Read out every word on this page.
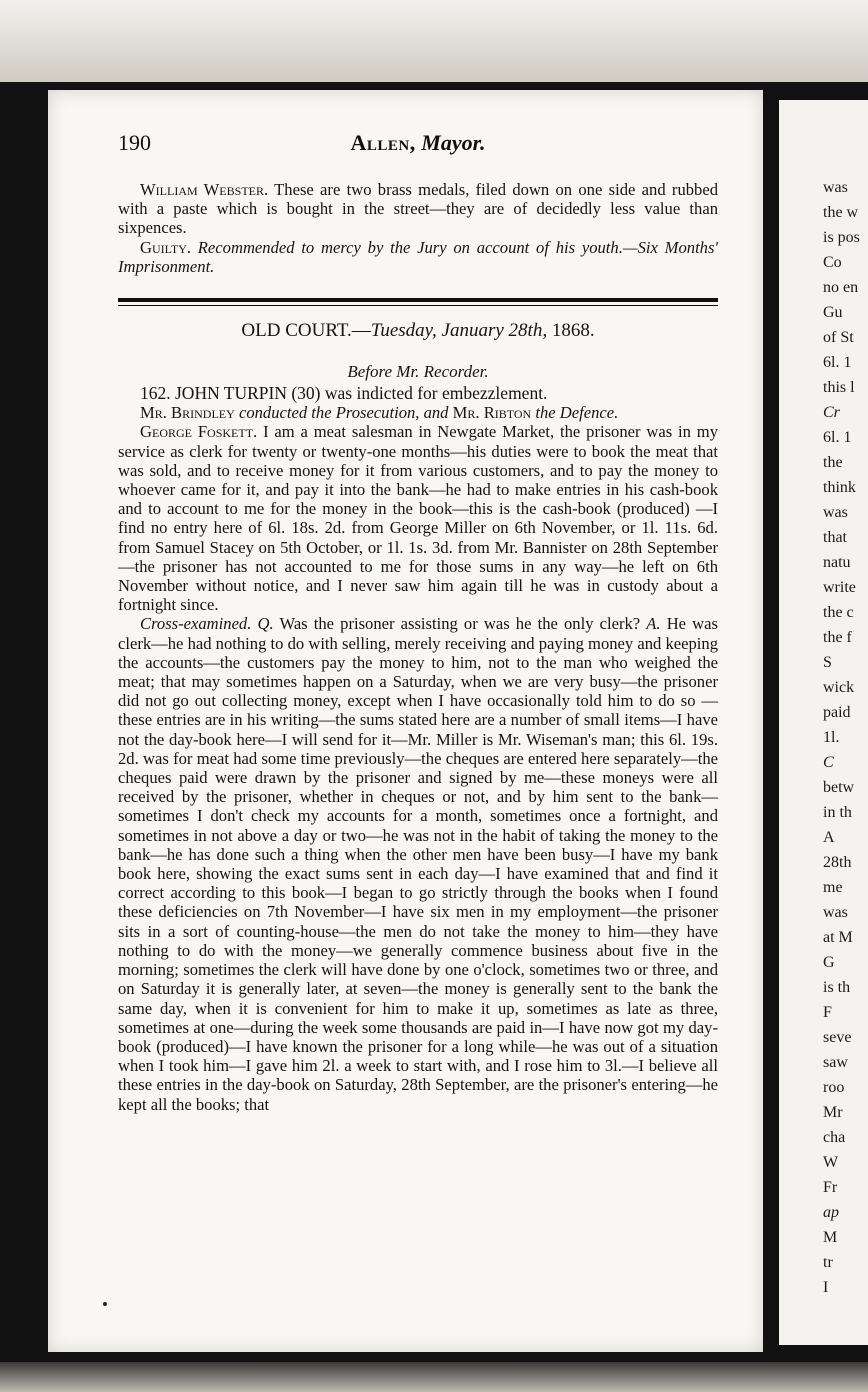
was
the w
is pos
Co
no en
Gu
of St
6l. 1
this l
Cr
6l. 1
the
think
was
that
natu
write
the c
the f
S
wick
paid
1l.
C
betw
in th
A
28th
me
was
at M
G
is th
F
seve
saw
roo
Mr
cha
W
Fr
ap
M
tr
I
190	Allen, Mayor.

William Webster. These are two brass medals, filed down on one side and rubbed with a paste which is bought in the street—they are of decidedly less value than sixpences.

Guilty. Recommended to mercy by the Jury on account of his youth.—Six Months' Imprisonment.

OLD COURT.—Tuesday, January 28th, 1868.
Before Mr. Recorder.

162. JOHN TURPIN (30) was indicted for embezzlement.

Mr. Brindley conducted the Prosecution, and Mr. Ribton the Defence.

George Foskett. I am a meat salesman in Newgate Market, the prisoner was in my service as clerk for twenty or twenty-one months—his duties were to book the meat that was sold, and to receive money for it from various customers, and to pay the money to whoever came for it, and pay it into the bank—he had to make entries in his cash-book and to account to me for the money in the book—this is the cash-book (produced) —I find no entry here of 6l. 18s. 2d. from George Miller on 6th November, or 1l. 11s. 6d. from Samuel Stacey on 5th October, or 1l. 1s. 3d. from Mr. Bannister on 28th September—the prisoner has not accounted to me for those sums in any way—he left on 6th November without notice, and I never saw him again till he was in custody about a fortnight since.

Cross-examined. Q. Was the prisoner assisting or was he the only clerk? A. He was clerk—he had nothing to do with selling, merely receiving and paying money and keeping the accounts—the customers pay the money to him, not to the man who weighed the meat; that may sometimes happen on a Saturday, when we are very busy—the prisoner did not go out collecting money, except when I have occasionally told him to do so —these entries are in his writing—the sums stated here are a number of small items—I have not the day-book here—I will send for it—Mr. Miller is Mr. Wiseman's man; this 6l. 19s. 2d. was for meat had some time previously—the cheques are entered here separately—the cheques paid were drawn by the prisoner and signed by me—these moneys were all received by the prisoner, whether in cheques or not, and by him sent to the bank—sometimes I don't check my accounts for a month, sometimes once a fortnight, and sometimes in not above a day or two—he was not in the habit of taking the money to the bank—he has done such a thing when the other men have been busy—I have my bank book here, showing the exact sums sent in each day—I have examined that and find it correct according to this book—I began to go strictly through the books when I found these deficiencies on 7th November—I have six men in my employment—the prisoner sits in a sort of counting-house—the men do not take the money to him—they have nothing to do with the money—we generally commence business about five in the morning; sometimes the clerk will have done by one o'clock, sometimes two or three, and on Saturday it is generally later, at seven—the money is generally sent to the bank the same day, when it is convenient for him to make it up, sometimes as late as three, sometimes at one—during the week some thousands are paid in—I have now got my day-book (produced)—I have known the prisoner for a long while—he was out of a situation when I took him—I gave him 2l. a week to start with, and I rose him to 3l.—I believe all these entries in the day-book on Saturday, 28th September, are the prisoner's entering—he kept all the books; that
